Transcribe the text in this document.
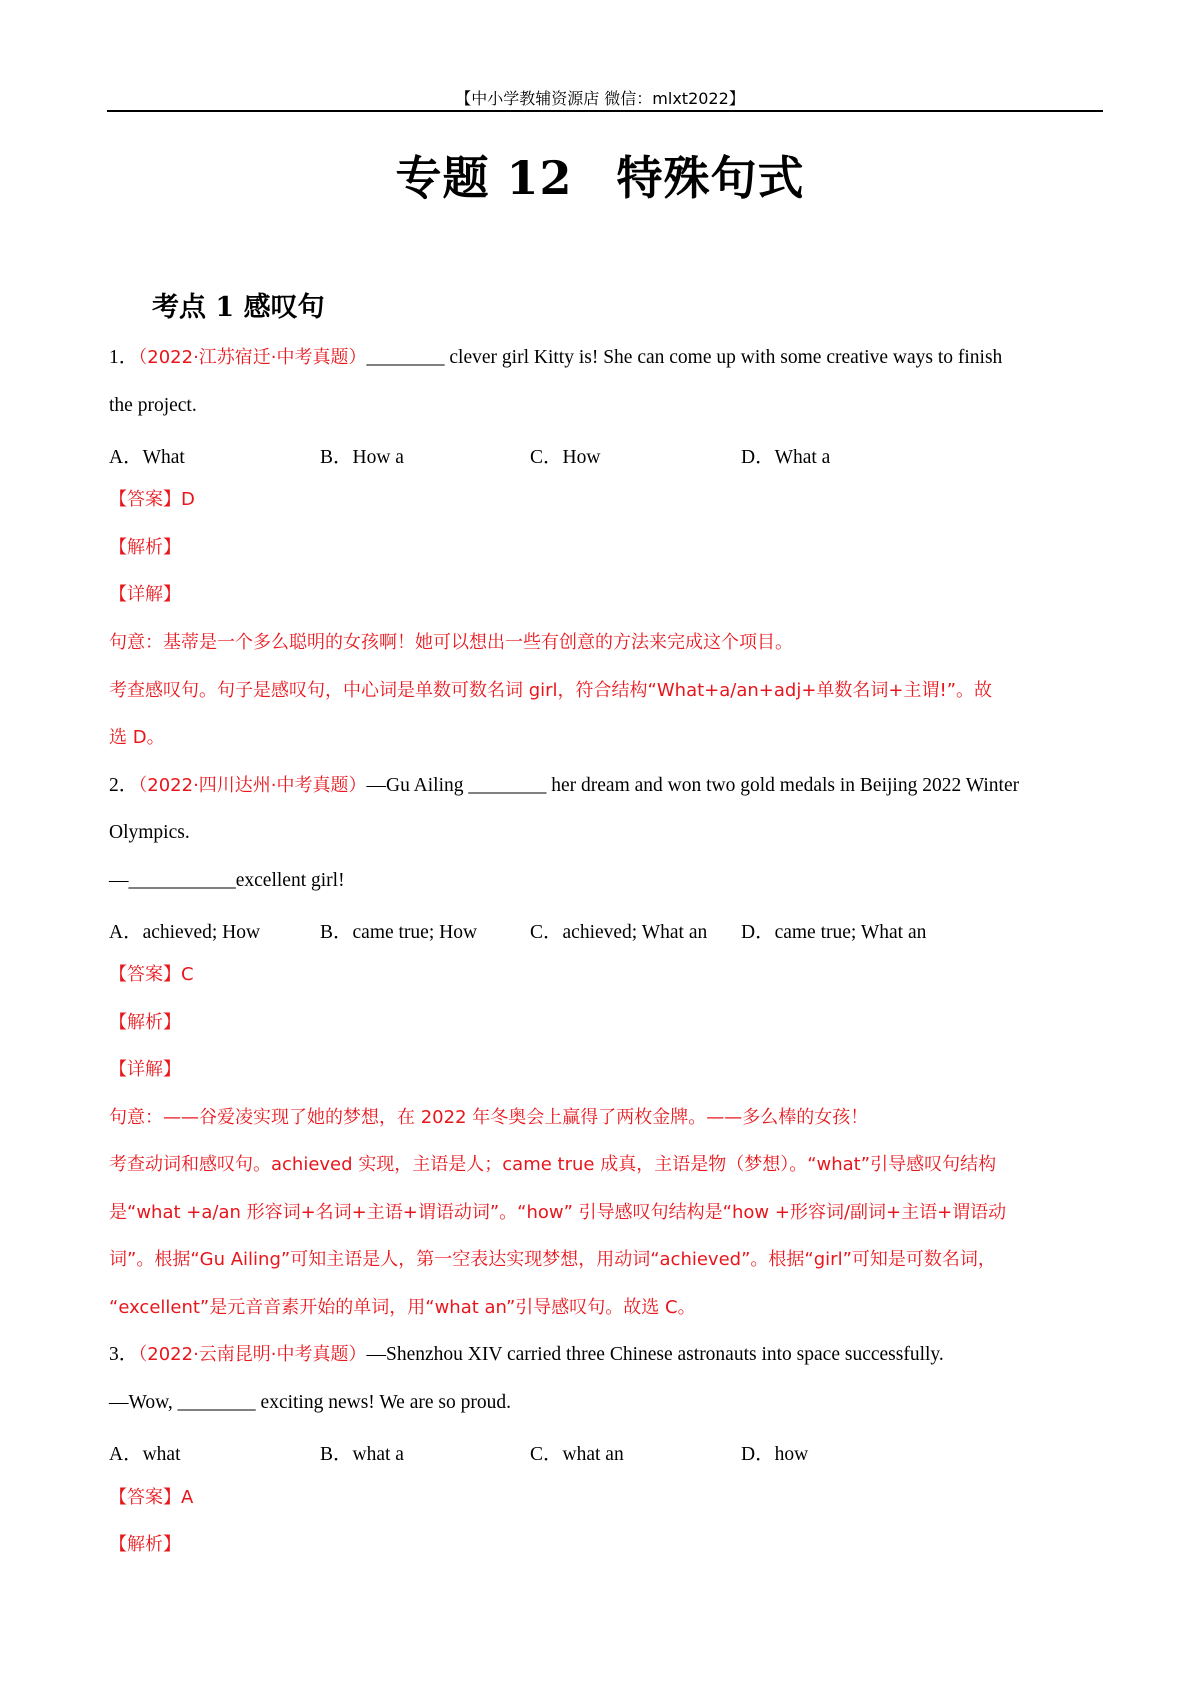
【中小学教辅资源店 微信：mlxt2022】
专题 12 特殊句式
考点 1 感叹句
1．（2022·江苏宿迁·中考真题）________ clever girl Kitty is! She can come up with some creative ways to finish
the project.
A．What	B．How a	C．How	D．What a
【答案】D
【解析】
【详解】
句意：基蒂是一个多么聪明的女孩啊！她可以想出一些有创意的方法来完成这个项目。
考查感叹句。句子是感叹句，中心词是单数可数名词 girl，符合结构“What+a/an+adj+单数名词+主谓!”。故
选 D。
2．（2022·四川达州·中考真题）—Gu Ailing ________ her dream and won two gold medals in Beijing 2022 Winter
Olympics.
—___________excellent girl!
A．achieved; How	B．came true; How	C．achieved; What an D．came true; What an
【答案】C
【解析】
【详解】
句意：——谷爱凌实现了她的梦想，在 2022 年冬奥会上赢得了两枚金牌。——多么棒的女孩！
考查动词和感叹句。achieved 实现，主语是人；came true 成真，主语是物（梦想）。“what”引导感叹句结构
是“what +a/an 形容词+名词+主语+谓语动词”。“how” 引导感叹句结构是“how +形容词/副词+主语+谓语动
词”。根据“Gu Ailing”可知主语是人，第一空表达实现梦想，用动词“achieved”。根据“girl”可知是可数名词，
“excellent”是元音音素开始的单词，用“what an”引导感叹句。故选 C。
3．（2022·云南昆明·中考真题）—Shenzhou XIV carried three Chinese astronauts into space successfully.
—Wow, ________ exciting news! We are so proud.
A．what	B．what a	C．what an	D．how
【答案】A
【解析】
